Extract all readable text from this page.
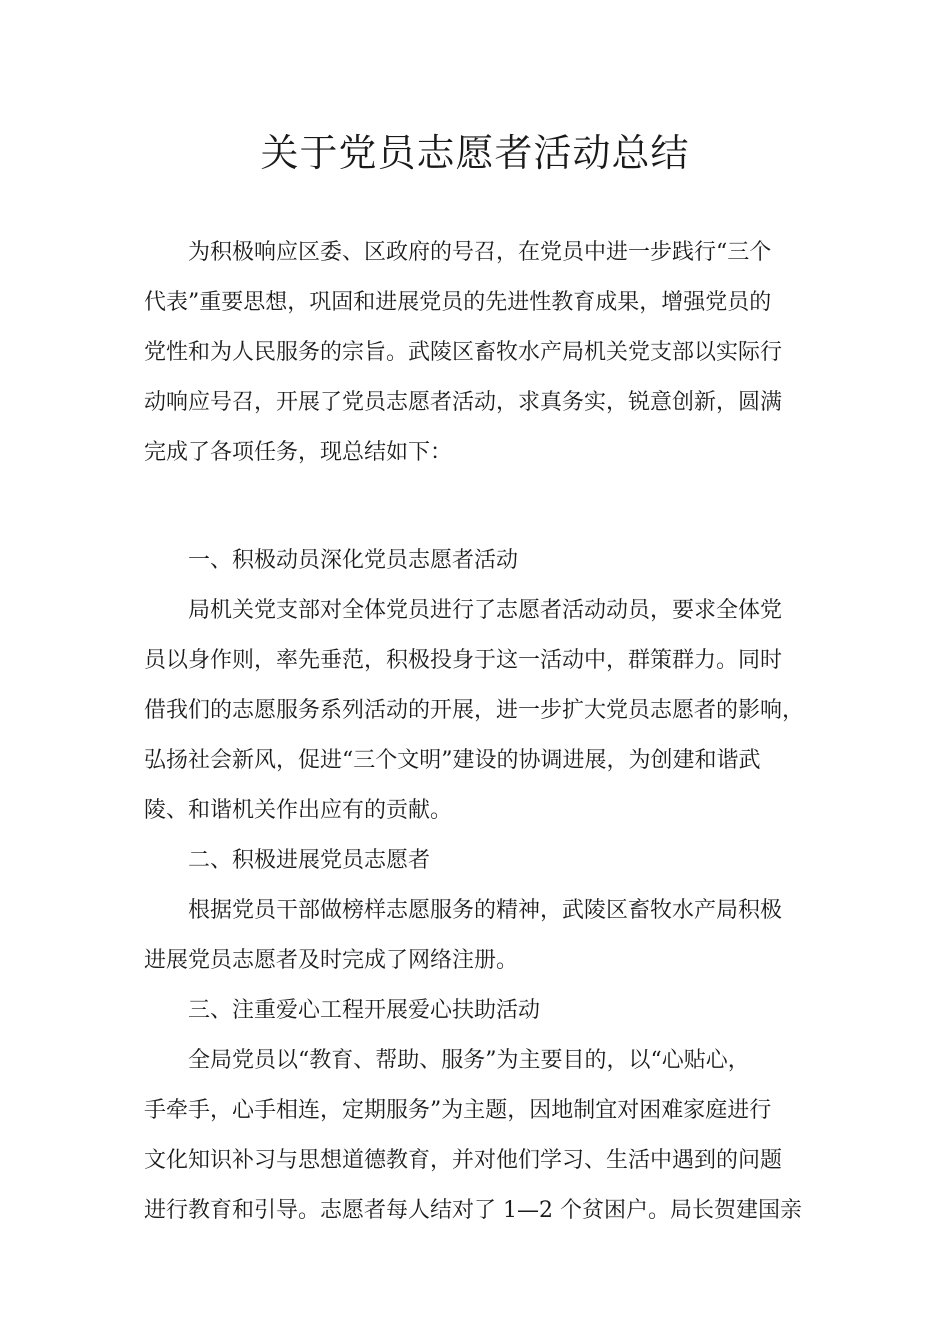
关于党员志愿者活动总结
为积极响应区委、区政府的号召，在党员中进一步践行“三个
代表”重要思想，巩固和进展党员的先进性教育成果，增强党员的
党性和为人民服务的宗旨。武陵区畜牧水产局机关党支部以实际行
动响应号召，开展了党员志愿者活动，求真务实，锐意创新，圆满
完成了各项任务，现总结如下：
一、积极动员深化党员志愿者活动
局机关党支部对全体党员进行了志愿者活动动员，要求全体党
员以身作则，率先垂范，积极投身于这一活动中，群策群力。同时
借我们的志愿服务系列活动的开展，进一步扩大党员志愿者的影响，
弘扬社会新风，促进“三个文明”建设的协调进展，为创建和谐武
陵、和谐机关作出应有的贡献。
二、积极进展党员志愿者
根据党员干部做榜样志愿服务的精神，武陵区畜牧水产局积极
进展党员志愿者及时完成了网络注册。
三、注重爱心工程开展爱心扶助活动
全局党员以“教育、帮助、服务”为主要目的，以“心贴心，
手牵手，心手相连，定期服务”为主题，因地制宜对困难家庭进行
文化知识补习与思想道德教育，并对他们学习、生活中遇到的问题
进行教育和引导。志愿者每人结对了 1—2 个贫困户。局长贺建国亲
